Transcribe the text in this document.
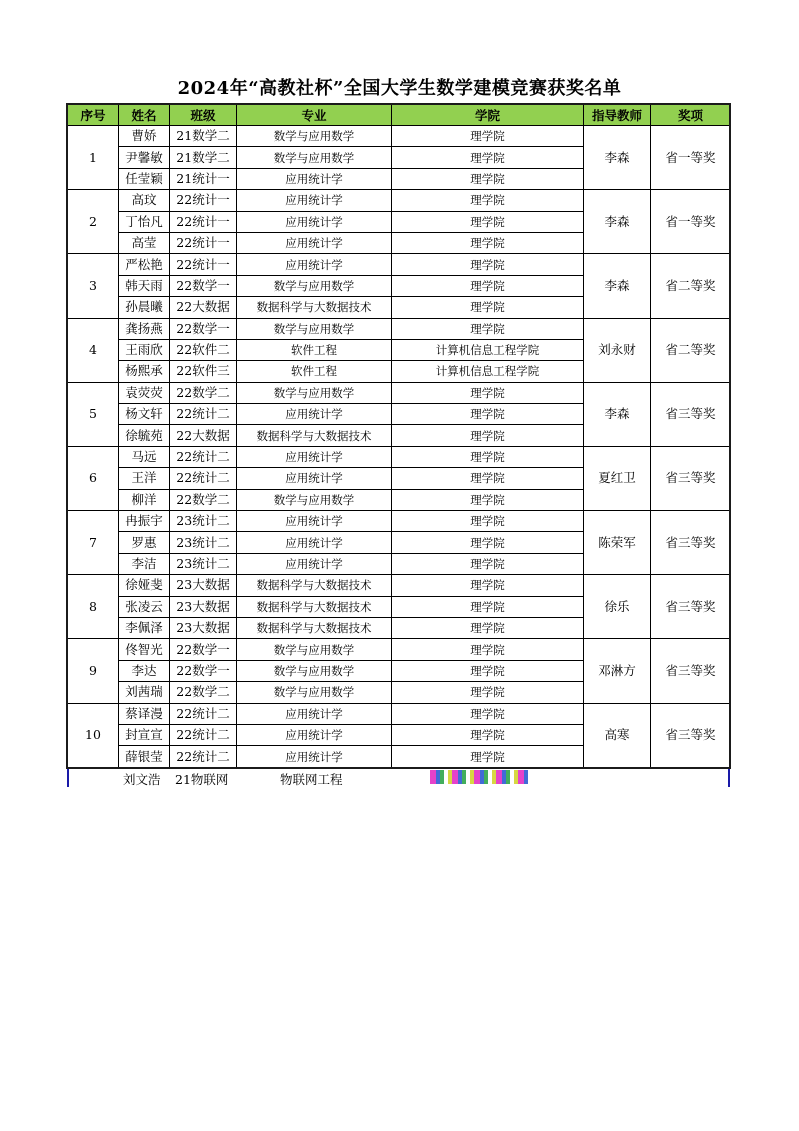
2024年“高教社杯”全国大学生数学建模竞赛获奖名单
序号	姓名	班级	专业	学院	指导教师	奖项
1	曹娇	21数学二	数学与应用数学	理学院	李森	省一等奖
	尹馨敏	21数学二	数学与应用数学	理学院		
	任莹颖	21统计一	应用统计学	理学院		
2	高玟	22统计一	应用统计学	理学院	李森	省一等奖
	丁怡凡	22统计一	应用统计学	理学院		
	高莹	22统计一	应用统计学	理学院		
3	严松艳	22统计一	应用统计学	理学院	李森	省二等奖
	韩天雨	22数学一	数学与应用数学	理学院		
	孙晨曦	22大数据	数据科学与大数据技术	理学院		
4	龚扬燕	22数学一	数学与应用数学	理学院	刘永财	省二等奖
	王雨欣	22软件二	软件工程	计算机信息工程学院		
	杨熙承	22软件三	软件工程	计算机信息工程学院		
5	袁荧荧	22数学二	数学与应用数学	理学院	李森	省三等奖
	杨文轩	22统计二	应用统计学	理学院		
	徐毓苑	22大数据	数据科学与大数据技术	理学院		
6	马远	22统计二	应用统计学	理学院	夏红卫	省三等奖
	王洋	22统计二	应用统计学	理学院		
	柳洋	22数学二	数学与应用数学	理学院		
7	冉振宇	23统计二	应用统计学	理学院	陈荣军	省三等奖
	罗惠	23统计二	应用统计学	理学院		
	李洁	23统计二	应用统计学	理学院		
8	徐娅斐	23大数据	数据科学与大数据技术	理学院	徐乐	省三等奖
	张凌云	23大数据	数据科学与大数据技术	理学院		
	李佩泽	23大数据	数据科学与大数据技术	理学院		
9	佟智光	22数学一	数学与应用数学	理学院	邓淋方	省三等奖
	李达	22数学一	数学与应用数学	理学院		
	刘茜瑞	22数学二	数学与应用数学	理学院		
10	蔡译漫	22统计二	应用统计学	理学院	高寒	省三等奖
	封宣宣	22统计二	应用统计学	理学院		
	薛银莹	22统计二	应用统计学	理学院		
刘文浩 21物联网	物联网工程
